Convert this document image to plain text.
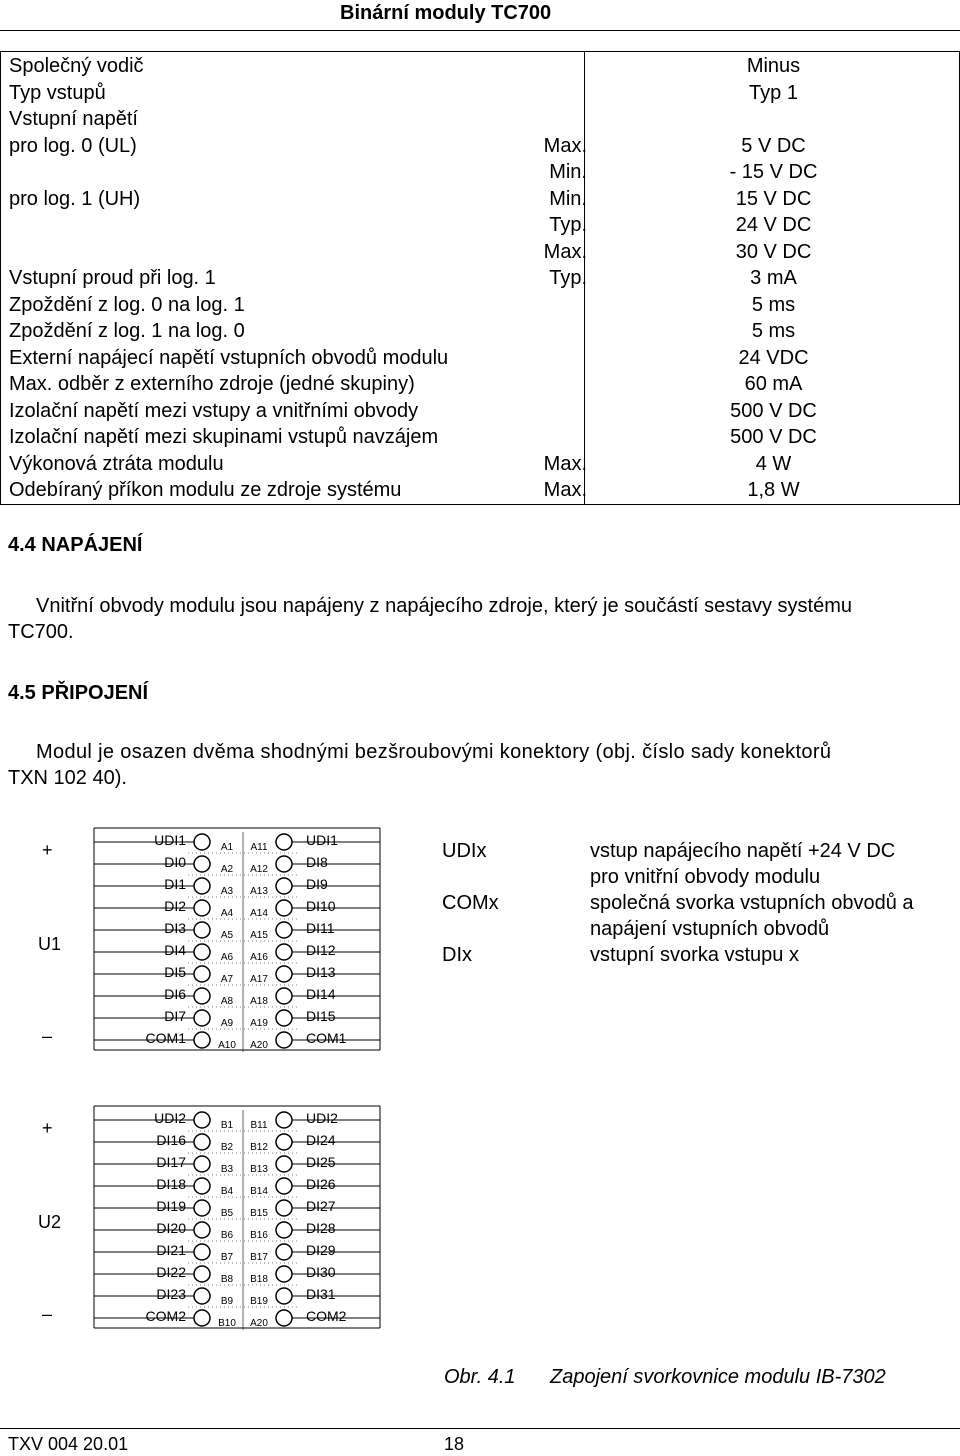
Binární moduly TC700
Společný vodič	Minus
Typ vstupů	Typ 1
Vstupní napětí
pro log. 0 (UL)	Max.	5 V DC
Min.	- 15 V DC
pro log. 1 (UH)	Min.	15 V DC
Typ.	24 V DC
Max.	30 V DC
Vstupní proud při log. 1	Typ.	3 mA
Zpoždění z log. 0 na log. 1	5 ms
Zpoždění z log. 1 na log. 0	5 ms
Externí napájecí napětí vstupních obvodů modulu	24 VDC
Max. odběr z externího zdroje (jedné skupiny)	60 mA
Izolační napětí mezi vstupy a vnitřními obvody	500 V DC
Izolační napětí mezi skupinami vstupů navzájem	500 V DC
Výkonová ztráta modulu	Max.	4 W
Odebíraný příkon modulu ze zdroje systému	Max.	1,8 W
4.4 NAPÁJENÍ
Vnitřní obvody modulu jsou napájeny z napájecího zdroje, který je součástí sestavy systému
TC700.
4.5 PŘIPOJENÍ
Modul je osazen dvěma shodnými bezšroubovými konektory (obj. číslo sady konektorů
TXN 102 40).
+
–
U1
UDI1	A1	A11	UDI1
DI0	A2	A12	DI8
DI1	A3	A13	DI9
DI2	A4	A14	DI10
DI3	A5	A15	DI11
DI4	A6	A16	DI12
DI5	A7	A17	DI13
DI6	A8	A18	DI14
DI7	A9	A19	DI15
COM1	A10	A20	COM1
+
–
U2
UDI2	B1	B11	UDI2
DI16	B2	B12	DI24
DI17	B3	B13	DI25
DI18	B4	B14	DI26
DI19	B5	B15	DI27
DI20	B6	B16	DI28
DI21	B7	B17	DI29
DI22	B8	B18	DI30
DI23	B9	B19	DI31
COM2	B10	A20	COM2
UDIx	vstup napájecího napětí +24 V DC
pro vnitřní obvody modulu
COMx	společná svorka vstupních obvodů a
napájení vstupních obvodů
DIx	vstupní svorka vstupu x
Obr. 4.1 Zapojení svorkovnice modulu IB-7302
TXV 004 20.01	18
